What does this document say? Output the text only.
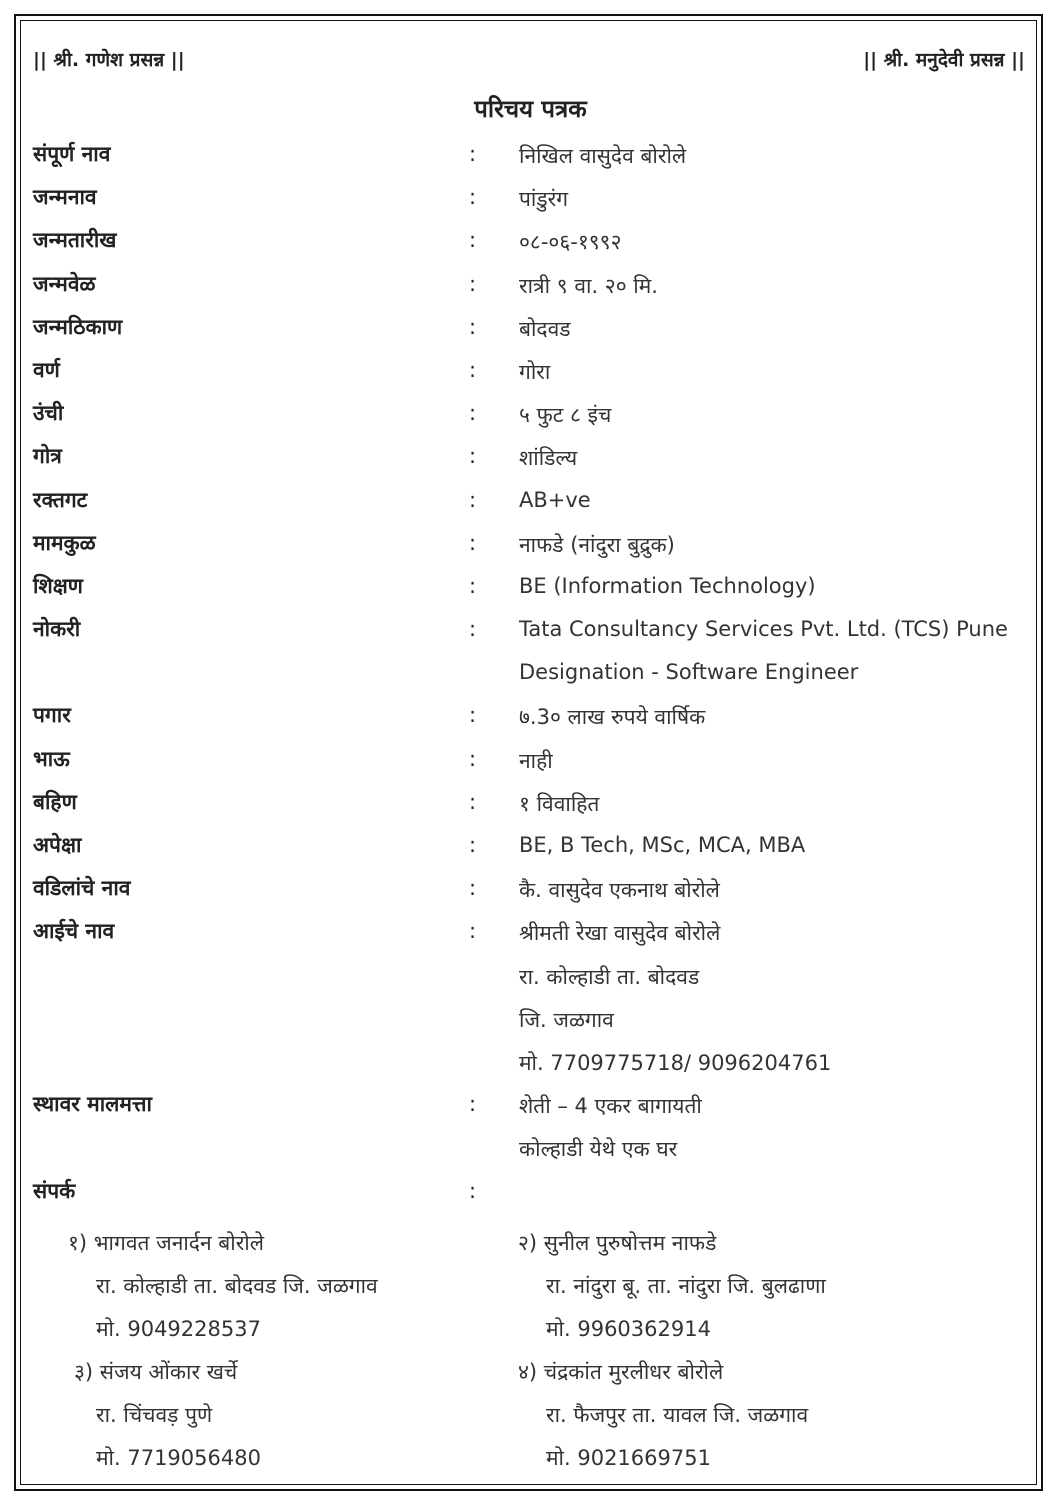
|| श्री. गणेश प्रसन्न ||	|| श्री. मनुदेवी प्रसन्न ||
परिचय पत्रक
संपूर्ण नाव	: निखिल वासुदेव बोरोले
जन्मनाव	: पांडुरंग
जन्मतारीख	: ०८-०६-१९९२
जन्मवेळ	: रात्री ९ वा. २० मि.
जन्मठिकाण	: बोदवड
वर्ण	: गोरा
उंची	: ५ फुट ८ इंच
गोत्र	: शांडिल्य
रक्तगट	: AB+ve
मामकुळ	: नाफडे (नांदुरा बुद्रुक)
शिक्षण	: BE (Information Technology)
नोकरी	: Tata Consultancy Services Pvt. Ltd. (TCS) Pune
Designation - Software Engineer
पगार	: ७.3० लाख रुपये वार्षिक
भाऊ	: नाही
बहिण	: १ विवाहित
अपेक्षा	: BE, B Tech, MSc, MCA, MBA
वडिलांचे नाव	: कै. वासुदेव एकनाथ बोरोले
आईचे नाव	: श्रीमती रेखा वासुदेव बोरोले
रा. कोल्हाडी ता. बोदवड
जि. जळगाव
मो. 7709775718/ 9096204761
स्थावर मालमत्ता	: शेती – 4 एकर बागायती
कोल्हाडी येथे एक घर
संपर्क	:
१) भागवत जनार्दन बोरोले
रा. कोल्हाडी ता. बोदवड जि. जळगाव
मो. 9049228537
२) सुनील पुरुषोत्तम नाफडे
रा. नांदुरा बू. ता. नांदुरा जि. बुलढाणा
मो. 9960362914
३) संजय ओंकार खर्चे
रा. चिंचवड़ पुणे
मो. 7719056480
४) चंद्रकांत मुरलीधर बोरोले
रा. फैजपुर ता. यावल जि. जळगाव
मो. 9021669751
